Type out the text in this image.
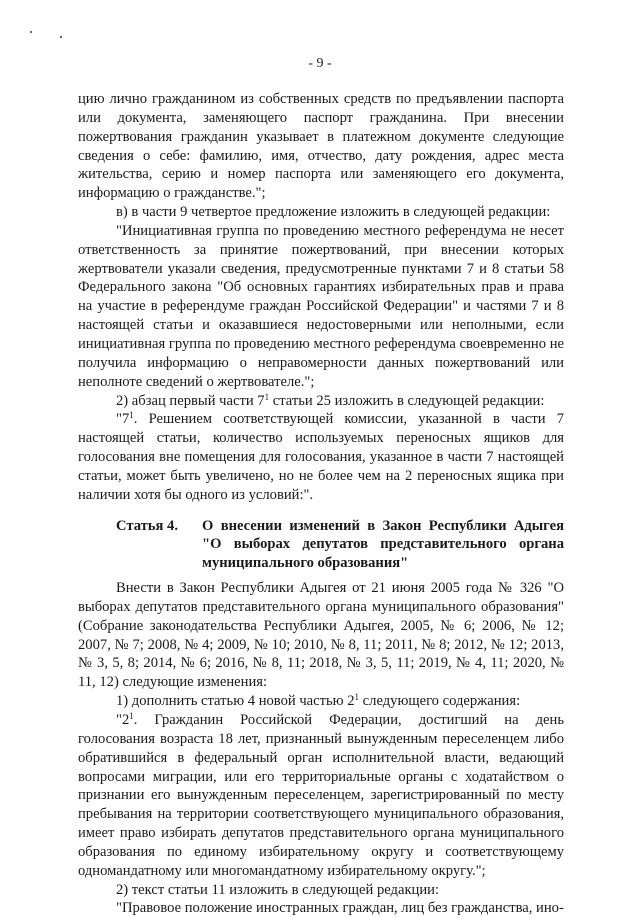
- 9 -

цию лично гражданином из собственных средств по предъявлении паспорта или документа, заменяющего паспорт гражданина. При внесении пожертвования гражданин указывает в платежном документе следующие сведения о себе: фамилию, имя, отчество, дату рождения, адрес места жительства, серию и номер паспорта или заменяющего его документа, информацию о гражданстве.";

в) в части 9 четвертое предложение изложить в следующей редакции:

"Инициативная группа по проведению местного референдума не несет ответственность за принятие пожертвований, при внесении которых жертвователи указали сведения, предусмотренные пунктами 7 и 8 статьи 58 Федерального закона "Об основных гарантиях избирательных прав и права на участие в референдуме граждан Российской Федерации" и частями 7 и 8 настоящей статьи и оказавшиеся недостоверными или неполными, если инициативная группа по проведению местного референдума своевременно не получила информацию о неправомерности данных пожертвований или неполноте сведений о жертвователе.";

2) абзац первый части $7^1$ статьи 25 изложить в следующей редакции:

"$7^1$. Решением соответствующей комиссии, указанной в части 7 настоящей статьи, количество используемых переносных ящиков для голосования вне помещения для голосования, указанное в части 7 настоящей статьи, может быть увеличено, но не более чем на 2 переносных ящика при наличии хотя бы одного из условий:".

Статья 4.	О внесении изменений в Закон Республики Адыгея "О выборах депутатов представительного органа муниципального образования"

Внести в Закон Республики Адыгея от 21 июня 2005 года № 326 "О выборах депутатов представительного органа муниципального образования" (Собрание законодательства Республики Адыгея, 2005, № 6; 2006, № 12; 2007, № 7; 2008, № 4; 2009, № 10; 2010, № 8, 11; 2011, № 8; 2012, № 12; 2013, № 3, 5, 8; 2014, № 6; 2016, № 8, 11; 2018, № 3, 5, 11; 2019, № 4, 11; 2020, № 11, 12) следующие изменения:

1) дополнить статью 4 новой частью $2^1$ следующего содержания:

"$2^1$. Гражданин Российской Федерации, достигший на день голосования возраста 18 лет, признанный вынужденным переселенцем либо обратившийся в федеральный орган исполнительной власти, ведающий вопросами миграции, или его территориальные органы с ходатайством о признании его вынужденным переселенцем, зарегистрированный по месту пребывания на территории соответствующего муниципального образования, имеет право избирать депутатов представительного органа муниципального образования по единому избирательному округу и соответствующему одномандатному или многомандатному избирательному округу.";

2) текст статьи 11 изложить в следующей редакции:

"Правовое положение иностранных граждан, лиц без гражданства, ино-
